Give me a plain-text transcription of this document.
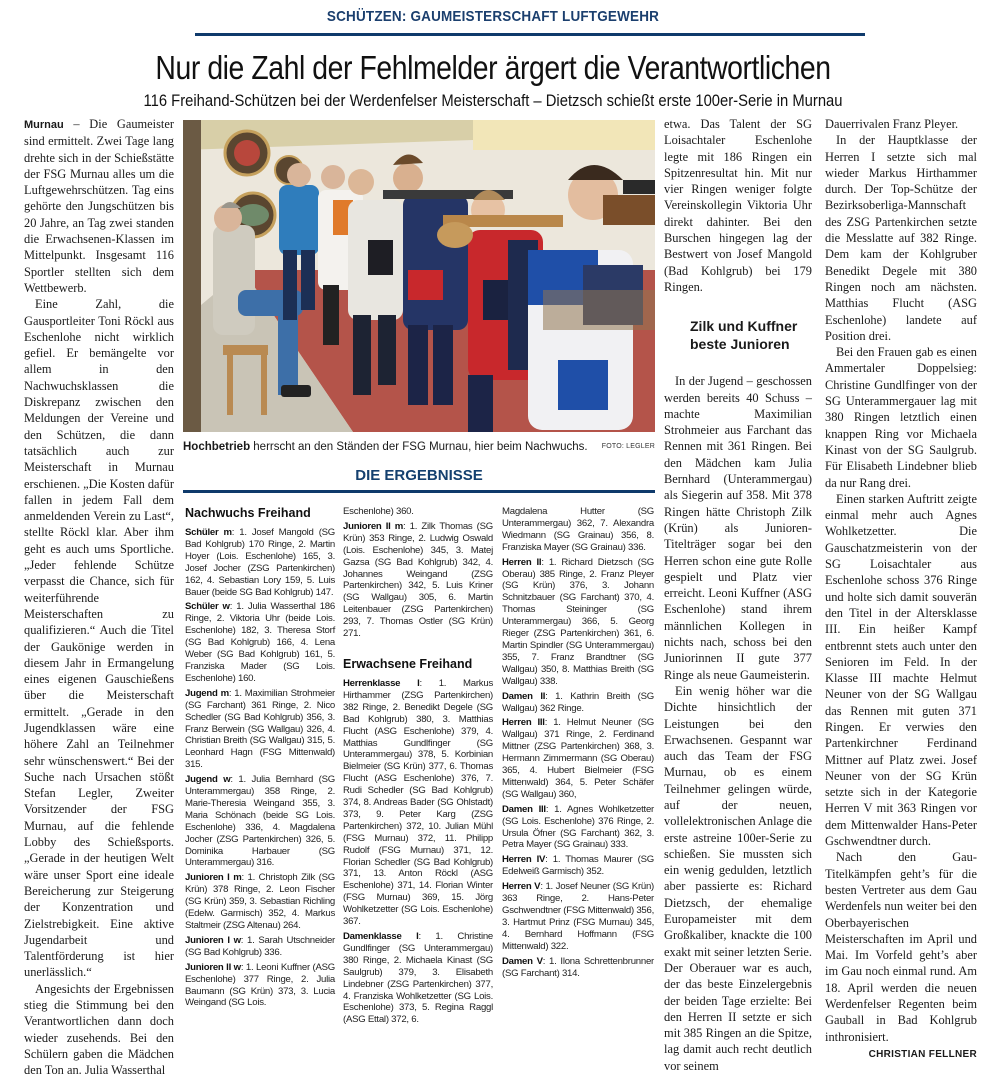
SCHÜTZEN: GAUMEISTERSCHAFT LUFTGEWEHR
Nur die Zahl der Fehlmelder ärgert die Verantwortlichen
116 Freihand-Schützen bei der Werdenfelser Meisterschaft – Dietzsch schießt erste 100er-Serie in Murnau

Murnau – Die Gaumeister sind ermittelt. Zwei Tage lang drehte sich in der Schießstätte der FSG Murnau alles um die Luftgewehrschützen. Tag eins gehörte den Jungschützen bis 20 Jahre, an Tag zwei standen die Erwachsenen-Klassen im Mittelpunkt. Insgesamt 116 Sportler stellten sich dem Wettbewerb.

Eine Zahl, die Gausportleiter Toni Röckl aus Eschenlohe nicht wirklich gefiel. Er bemängelte vor allem in den Nachwuchsklassen die Diskrepanz zwischen den Meldungen der Vereine und den Schützen, die dann tatsächlich auch zur Meisterschaft in Murnau erschienen. „Die Kosten dafür fallen in jedem Fall dem anmeldenden Verein zu Last“, stellte Röckl klar. Aber ihm geht es auch ums Sportliche. „Jeder fehlende Schütze verpasst die Chance, sich für weiterführende Meisterschaften zu qualifizieren.“ Auch die Titel der Gaukönige werden in diesem Jahr in Ermangelung eines eigenen Gauschießens über die Meisterschaft ermittelt. „Gerade in den Jugendklassen wäre eine höhere Zahl an Teilnehmer sehr wünschenswert.“ Bei der Suche nach Ursachen stößt Stefan Legler, Zweiter Vorsitzender der FSG Murnau, auf die fehlende Lobby des Schießsports. „Gerade in der heutigen Welt wäre unser Sport eine ideale Bereicherung zur Steigerung der Konzentration und Zielstrebigkeit. Eine aktive Jugendarbeit und Talentförderung ist hier unerlässlich.“

Angesichts der Ergebnissen stieg die Stimmung bei den Verantwortlichen dann doch wieder zusehends. Bei den Schülern gaben die Mädchen den Ton an. Julia Wasserthal

Hochbetrieb herrscht an den Ständen der FSG Murnau, hier beim Nachwuchs. FOTO: LEGLER
DIE ERGEBNISSE
Nachwuchs Freihand

Schüler m: 1. Josef Mangold (SG Bad Kohlgrub) 170 Ringe, 2. Martin Hoyer (Lois. Eschenlohe) 165, 3. Josef Jocher (ZSG Partenkirchen) 162, 4. Sebastian Lory 159, 5. Luis Bauer (beide SG Bad Kohlgrub) 147.

Schüler w: 1. Julia Wasserthal 186 Ringe, 2. Viktoria Uhr (beide Lois. Eschenlohe) 182, 3. Theresa Storf (SG Bad Kohlgrub) 166, 4. Lena Weber (SG Bad Kohlgrub) 161, 5. Franziska Mader (SG Lois. Eschenlohe) 160.

Jugend m: 1. Maximilian Strohmeier (SG Farchant) 361 Ringe, 2. Nico Schedler (SG Bad Kohlgrub) 356, 3. Franz Berwein (SG Wallgau) 326, 4. Christian Breith (SG Wallgau) 315, 5. Leonhard Hagn (FSG Mittenwald) 315.

Jugend w: 1. Julia Bernhard (SG Unterammergau) 358 Ringe, 2. Marie-Theresia Weingand 355, 3. Maria Schönach (beide SG Lois. Eschenlohe) 336, 4. Magdalena Jocher (ZSG Partenkirchen) 326, 5. Dominika Harbauer (SG Unterammergau) 316.

Junioren I m: 1. Christoph Zilk (SG Krün) 378 Ringe, 2. Leon Fischer (SG Krün) 359, 3. Sebastian Richling (Edelw. Garmisch) 352, 4. Markus Staltmeir (ZSG Altenau) 264.

Junioren I w: 1. Sarah Utschneider (SG Bad Kohlgrub) 336.

Junioren II w: 1. Leoni Kuffner (ASG Eschenlohe) 377 Ringe, 2. Julia Baumann (SG Krün) 373, 3. Lucia Weingand (SG Lois.

Eschenlohe) 360.

Junioren II m: 1. Zilk Thomas (SG Krün) 353 Ringe, 2. Ludwig Oswald (Lois. Eschenlohe) 345, 3. Matej Gazsa (SG Bad Kohlgrub) 342, 4. Johannes Weingand (ZSG Partenkirchen) 342, 5. Luis Kriner (SG Wallgau) 305, 6. Martin Leitenbauer (ZSG Partenkirchen) 293, 7. Thomas Ostler (SG Krün) 271.

Erwachsene Freihand

Herrenklasse I: 1. Markus Hirthammer (ZSG Partenkirchen) 382 Ringe, 2. Benedikt Degele (SG Bad Kohlgrub) 380, 3. Matthias Flucht (ASG Eschenlohe) 379, 4. Matthias Gundlfinger (SG Unterammergau) 378, 5. Korbinian Bielmeier (SG Krün) 377, 6. Thomas Flucht (ASG Eschenlohe) 376, 7. Rudi Schedler (SG Bad Kohlgrub) 374, 8. Andreas Bader (SG Ohlstadt) 373, 9. Peter Karg (ZSG Partenkirchen) 372, 10. Julian Mühl (FSG Murnau) 372, 11. Philipp Rudolf (FSG Murnau) 371, 12. Florian Schedler (SG Bad Kohlgrub) 371, 13. Anton Röckl (ASG Eschenlohe) 371, 14. Florian Winter (FSG Murnau) 369, 15. Jörg Wohlketzetter (SG Lois. Eschenlohe) 367.

Damenklasse I: 1. Christine Gundlfinger (SG Unterammergau) 380 Ringe, 2. Michaela Kinast (SG Saulgrub) 379, 3. Elisabeth Lindebner (ZSG Partenkirchen) 377, 4. Franziska Wohlketzetter (SG Lois. Eschenlohe) 373, 5. Regina Raggl (ASG Ettal) 372, 6.

Magdalena Hutter (SG Unterammergau) 362, 7. Alexandra Wiedmann (SG Grainau) 356, 8. Franziska Mayer (SG Grainau) 336.

Herren II: 1. Richard Dietzsch (SG Oberau) 385 Ringe, 2. Franz Pleyer (SG Krün) 376, 3. Johann Schnitzbauer (SG Farchant) 370, 4. Thomas Steininger (SG Unterammergau) 366, 5. Georg Rieger (ZSG Partenkirchen) 361, 6. Martin Spindler (SG Unterammergau) 355, 7. Franz Brandtner (SG Wallgau) 350, 8. Matthias Breith (SG Wallgau) 338.

Damen II: 1. Kathrin Breith (SG Wallgau) 362 Ringe.

Herren III: 1. Helmut Neuner (SG Wallgau) 371 Ringe, 2. Ferdinand Mittner (ZSG Partenkirchen) 368, 3. Hermann Zimmermann (SG Oberau) 365, 4. Hubert Bielmeier (FSG Mittenwald) 364, 5. Peter Schäfer (SG Wallgau) 360,

Damen III: 1. Agnes Wohlketzetter (SG Lois. Eschenlohe) 376 Ringe, 2. Ursula Öfner (SG Farchant) 362, 3. Petra Mayer (SG Grainau) 333.

Herren IV: 1. Thomas Maurer (SG Edelweiß Garmisch) 352.

Herren V: 1. Josef Neuner (SG Krün) 363 Ringe, 2. Hans-Peter Gschwendtner (FSG Mittenwald) 356, 3. Hartmut Prinz (FSG Murnau) 345, 4. Bernhard Hoffmann (FSG Mittenwald) 322.

Damen V: 1. Ilona Schrettenbrunner (SG Farchant) 314.

etwa. Das Talent der SG Loisachtaler Eschenlohe legte mit 186 Ringen ein Spitzenresultat hin. Mit nur vier Ringen weniger folgte Vereinskollegin Viktoria Uhr direkt dahinter. Bei den Burschen hingegen lag der Bestwert von Josef Mangold (Bad Kohlgrub) bei 179 Ringen.

Zilk und Kuffner beste Junioren

In der Jugend – geschossen werden bereits 40 Schuss – machte Maximilian Strohmeier aus Farchant das Rennen mit 361 Ringen. Bei den Mädchen kam Julia Bernhard (Unterammergau) als Siegerin auf 358. Mit 378 Ringen hätte Christoph Zilk (Krün) als Junioren-Titelträger sogar bei den Herren schon eine gute Rolle gespielt und Platz vier erreicht. Leoni Kuffner (ASG Eschenlohe) stand ihrem männlichen Kollegen in nichts nach, schoss bei den Juniorinnen II gute 377 Ringe als neue Gaumeisterin.

Ein wenig höher war die Dichte hinsichtlich der Leistungen bei den Erwachsenen. Gespannt war auch das Team der FSG Murnau, ob es einem Teilnehmer gelingen würde, auf der neuen, vollelektronischen Anlage die erste astreine 100er-Serie zu schießen. Sie mussten sich ein wenig gedulden, letztlich aber passierte es: Richard Dietzsch, der ehemalige Europameister mit dem Großkaliber, knackte die 100 exakt mit seiner letzten Serie. Der Oberauer war es auch, der das beste Einzelergebnis der beiden Tage erzielte: Bei den Herren II setzte er sich mit 385 Ringen an die Spitze, lag damit auch recht deutlich vor seinem

Dauerrivalen Franz Pleyer.

In der Hauptklasse der Herren I setzte sich mal wieder Markus Hirthammer durch. Der Top-Schütze der Bezirksoberliga-Mannschaft des ZSG Partenkirchen setzte die Messlatte auf 382 Ringe. Dem kam der Kohlgruber Benedikt Degele mit 380 Ringen noch am nächsten. Matthias Flucht (ASG Eschenlohe) landete auf Position drei.

Bei den Frauen gab es einen Ammertaler Doppelsieg: Christine Gundlfinger von der SG Unterammergauer lag mit 380 Ringen letztlich einen knappen Ring vor Michaela Kinast von der SG Saulgrub. Für Elisabeth Lindebner blieb da nur Rang drei.

Einen starken Auftritt zeigte einmal mehr auch Agnes Wohlketzetter. Die Gauschatzmeisterin von der SG Loisachtaler aus Eschenlohe schoss 376 Ringe und holte sich damit souverän den Titel in der Altersklasse III. Ein heißer Kampf entbrennt stets auch unter den Senioren im Feld. In der Klasse III machte Helmut Neuner von der SG Wallgau das Rennen mit guten 371 Ringen. Er verwies den Partenkirchner Ferdinand Mittner auf Platz zwei. Josef Neuner von der SG Krün setzte sich in der Kategorie Herren V mit 363 Ringen vor dem Mittenwalder Hans-Peter Gschwendtner durch.

Nach den Gau-Titelkämpfen geht’s für die besten Vertreter aus dem Gau Werdenfels nun weiter bei den Oberbayerischen Meisterschaften im April und Mai. Im Vorfeld geht’s aber im Gau noch einmal rund. Am 18. April werden die neuen Werdenfelser Regenten beim Gauball in Bad Kohlgrub inthronisiert.

CHRISTIAN FELLNER
